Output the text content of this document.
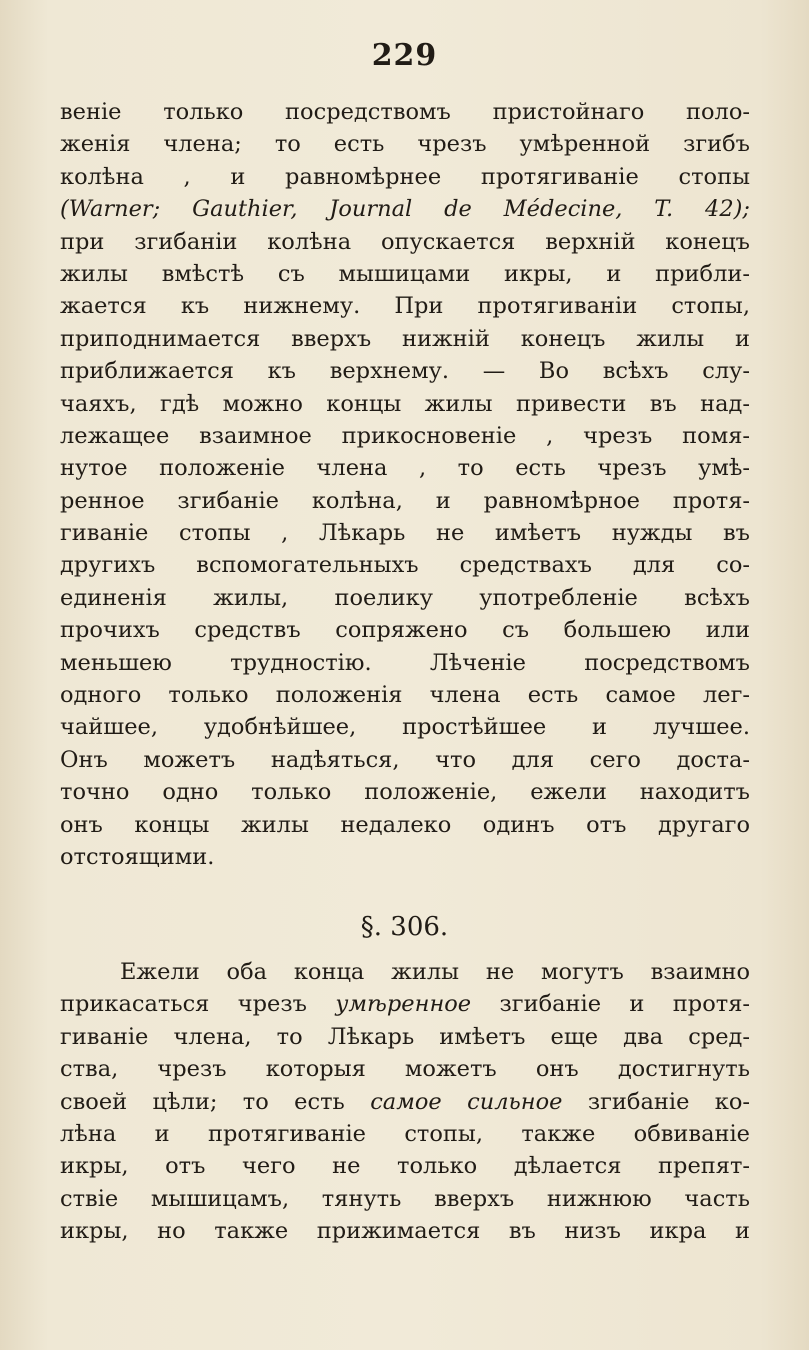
229
веніе только посредствомъ пристойнаго поло-
женія члена; то есть чрезъ умѣренной згибъ
колѣна , и равномѣрнее протягиваніе стопы
(Warner; Gauthier, Journal de Médecine, T. 42);
при згибаніи колѣна опускается верхній конецъ
жилы вмѣстѣ съ мышицами икры, и прибли-
жается къ нижнему. При протягиваніи стопы,
приподнимается вверхъ нижній конецъ жилы и
приближается къ верхнему. — Во всѣхъ слу-
чаяхъ, гдѣ можно концы жилы привести въ над-
лежащее взаимное прикосновеніе , чрезъ помя-
нутое положеніе члена , то есть чрезъ умѣ-
ренное згибаніе колѣна, и равномѣрное протя-
гиваніе стопы , Лѣкарь не имѣетъ нужды въ
другихъ вспомогательныхъ средствахъ для со-
единенія жилы, поелику употребленіе всѣхъ
прочихъ средствъ сопряжено съ большею или
меньшею трудностію. Лѣченіе посредствомъ
одного только положенія члена есть самое лег-
чайшее, удобнѣйшее, простѣйшее и лучшее.
Онъ можетъ надѣяться, что для сего доста-
точно одно только положеніе, ежели находитъ
онъ концы жилы недалеко одинъ отъ другаго
отстоящими.
§. 306.
Ежели оба конца жилы не могутъ взаимно
прикасаться чрезъ умѣренное згибаніе и протя-
гиваніе члена, то Лѣкарь имѣетъ еще два сред-
ства, чрезъ которыя можетъ онъ достигнуть
своей цѣли; то есть самое сильное згибаніе ко-
лѣна и протягиваніе стопы, также обвиваніе
икры, отъ чего не только дѣлается препят-
ствіе мышицамъ, тянуть вверхъ нижнюю часть
икры, но также прижимается въ низъ икра и
